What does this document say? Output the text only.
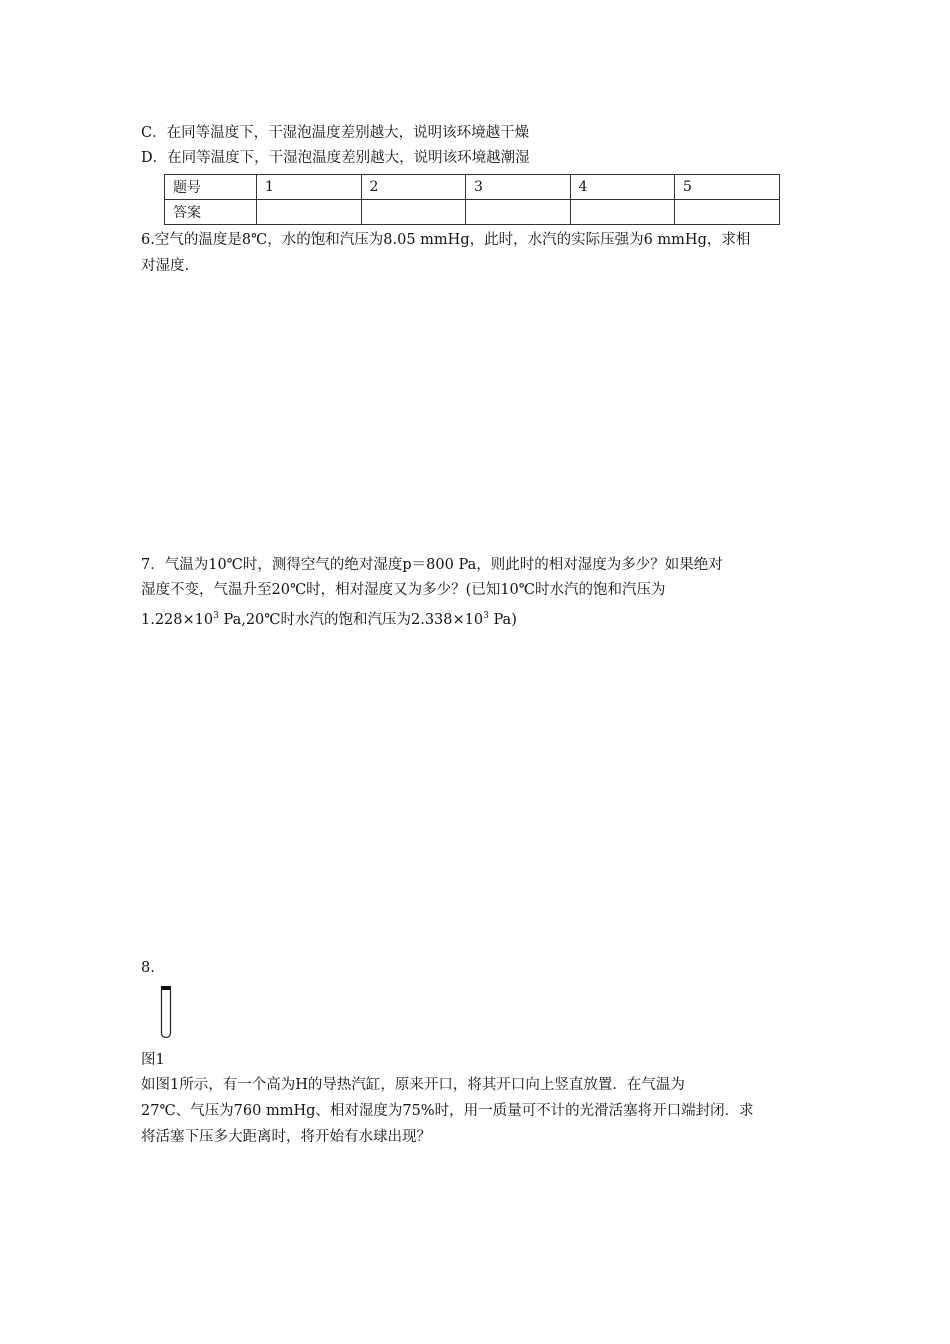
C．在同等温度下，干湿泡温度差别越大，说明该环境越干燥
D．在同等温度下，干湿泡温度差别越大，说明该环境越潮湿
题号	1	2	3	4	5
答案					
6.空气的温度是8℃，水的饱和汽压为8.05 mmHg，此时，水汽的实际压强为6 mmHg，求相
对湿度.
7．气温为10℃时，测得空气的绝对湿度p＝800 Pa，则此时的相对湿度为多少？如果绝对
湿度不变，气温升至20℃时，相对湿度又为多少？(已知10℃时水汽的饱和汽压为
$1.228\times 10^3$ Pa,20℃时水汽的饱和汽压为$2.338\times 10^3$ Pa)
8.
图1
如图1所示，有一个高为H的导热汽缸，原来开口，将其开口向上竖直放置．在气温为
27℃、气压为760 mmHg、相对湿度为75%时，用一质量可不计的光滑活塞将开口端封闭．求
将活塞下压多大距离时，将开始有水球出现？
